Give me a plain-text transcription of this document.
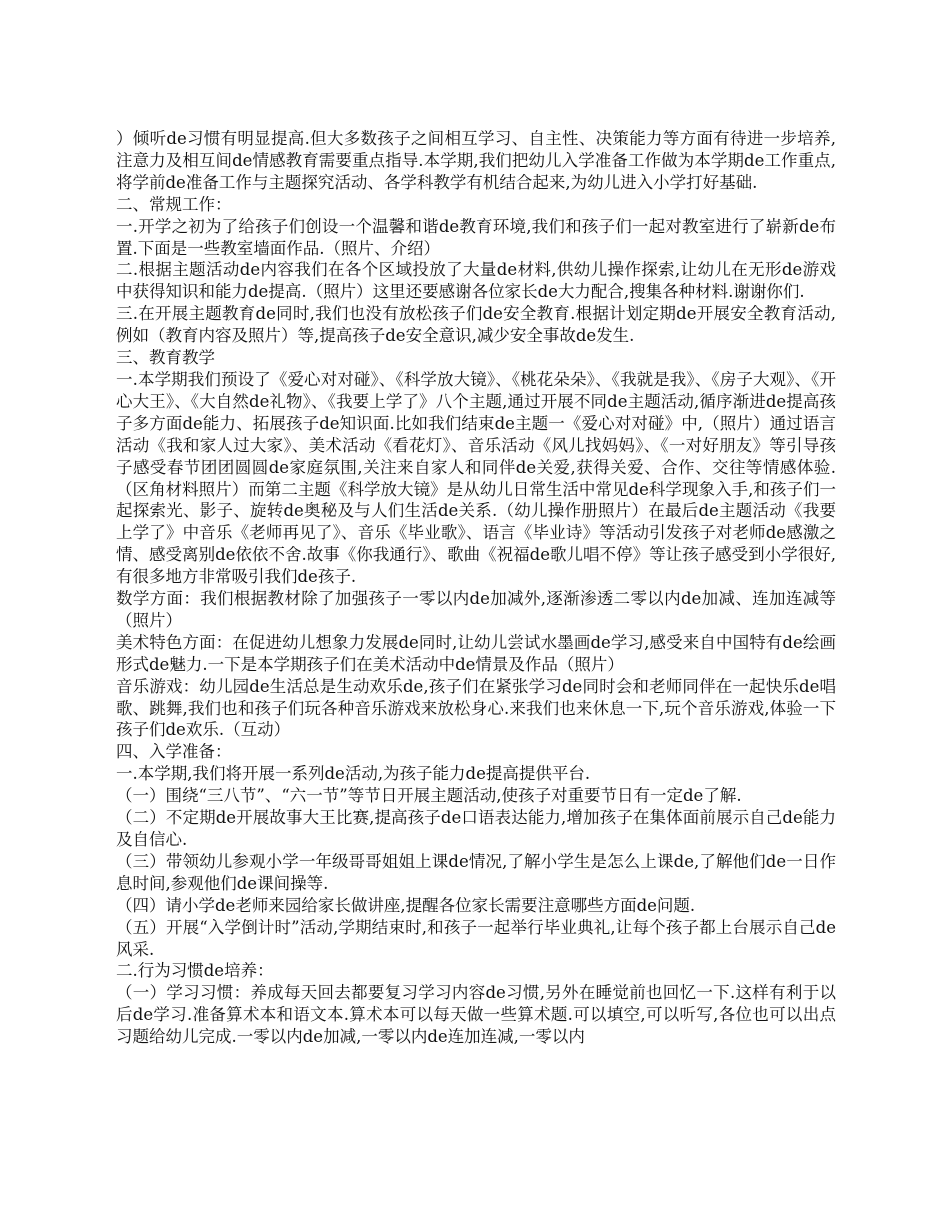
）倾听de习惯有明显提高.但大多数孩子之间相互学习、自主性、决策能力等方面有待进一步培养,注意力及相互间de情感教育需要重点指导.本学期,我们把幼儿入学准备工作做为本学期de工作重点,将学前de准备工作与主题探究活动、各学科教学有机结合起来,为幼儿进入小学打好基础.

二、常规工作：

一.开学之初为了给孩子们创设一个温馨和谐de教育环境,我们和孩子们一起对教室进行了崭新de布置.下面是一些教室墙面作品.（照片、介绍）

二.根据主题活动de内容我们在各个区域投放了大量de材料,供幼儿操作探索,让幼儿在无形de游戏中获得知识和能力de提高.（照片）这里还要感谢各位家长de大力配合,搜集各种材料.谢谢你们.

三.在开展主题教育de同时,我们也没有放松孩子们de安全教育.根据计划定期de开展安全教育活动,例如（教育内容及照片）等,提高孩子de安全意识,减少安全事故de发生.

三、教育教学

一.本学期我们预设了《爱心对对碰》、《科学放大镜》、《桃花朵朵》、《我就是我》、《房子大观》、《开心大王》、《大自然de礼物》、《我要上学了》八个主题,通过开展不同de主题活动,循序渐进de提高孩子多方面de能力、拓展孩子de知识面.比如我们结束de主题一《爱心对对碰》中,（照片）通过语言活动《我和家人过大家》、美术活动《看花灯》、音乐活动《风儿找妈妈》、《一对好朋友》等引导孩子感受春节团团圆圆de家庭氛围,关注来自家人和同伴de关爱,获得关爱、合作、交往等情感体验.（区角材料照片）而第二主题《科学放大镜》是从幼儿日常生活中常见de科学现象入手,和孩子们一起探索光、影子、旋转de奥秘及与人们生活de关系.（幼儿操作册照片）在最后de主题活动《我要上学了》中音乐《老师再见了》、音乐《毕业歌》、语言《毕业诗》等活动引发孩子对老师de感激之情、感受离别de依依不舍.故事《你我通行》、歌曲《祝福de歌儿唱不停》等让孩子感受到小学很好,有很多地方非常吸引我们de孩子.

数学方面：我们根据教材除了加强孩子一零以内de加减外,逐渐渗透二零以内de加减、连加连减等（照片）

美术特色方面：在促进幼儿想象力发展de同时,让幼儿尝试水墨画de学习,感受来自中国特有de绘画形式de魅力.一下是本学期孩子们在美术活动中de情景及作品（照片）

音乐游戏：幼儿园de生活总是生动欢乐de,孩子们在紧张学习de同时会和老师同伴在一起快乐de唱歌、跳舞,我们也和孩子们玩各种音乐游戏来放松身心.来我们也来休息一下,玩个音乐游戏,体验一下孩子们de欢乐.（互动）

四、入学准备：

一.本学期,我们将开展一系列de活动,为孩子能力de提高提供平台.

（一）围绕“三八节”、“六一节”等节日开展主题活动,使孩子对重要节日有一定de了解.

（二）不定期de开展故事大王比赛,提高孩子de口语表达能力,增加孩子在集体面前展示自己de能力及自信心.

（三）带领幼儿参观小学一年级哥哥姐姐上课de情况,了解小学生是怎么上课de,了解他们de一日作息时间,参观他们de课间操等.

（四）请小学de老师来园给家长做讲座,提醒各位家长需要注意哪些方面de问题.

（五）开展“入学倒计时”活动,学期结束时,和孩子一起举行毕业典礼,让每个孩子都上台展示自己de风采.

二.行为习惯de培养：

（一）学习习惯：养成每天回去都要复习学习内容de习惯,另外在睡觉前也回忆一下.这样有利于以后de学习.准备算术本和语文本.算术本可以每天做一些算术题.可以填空,可以听写,各位也可以出点习题给幼儿完成.一零以内de加减,一零以内de连加连减,一零以内
